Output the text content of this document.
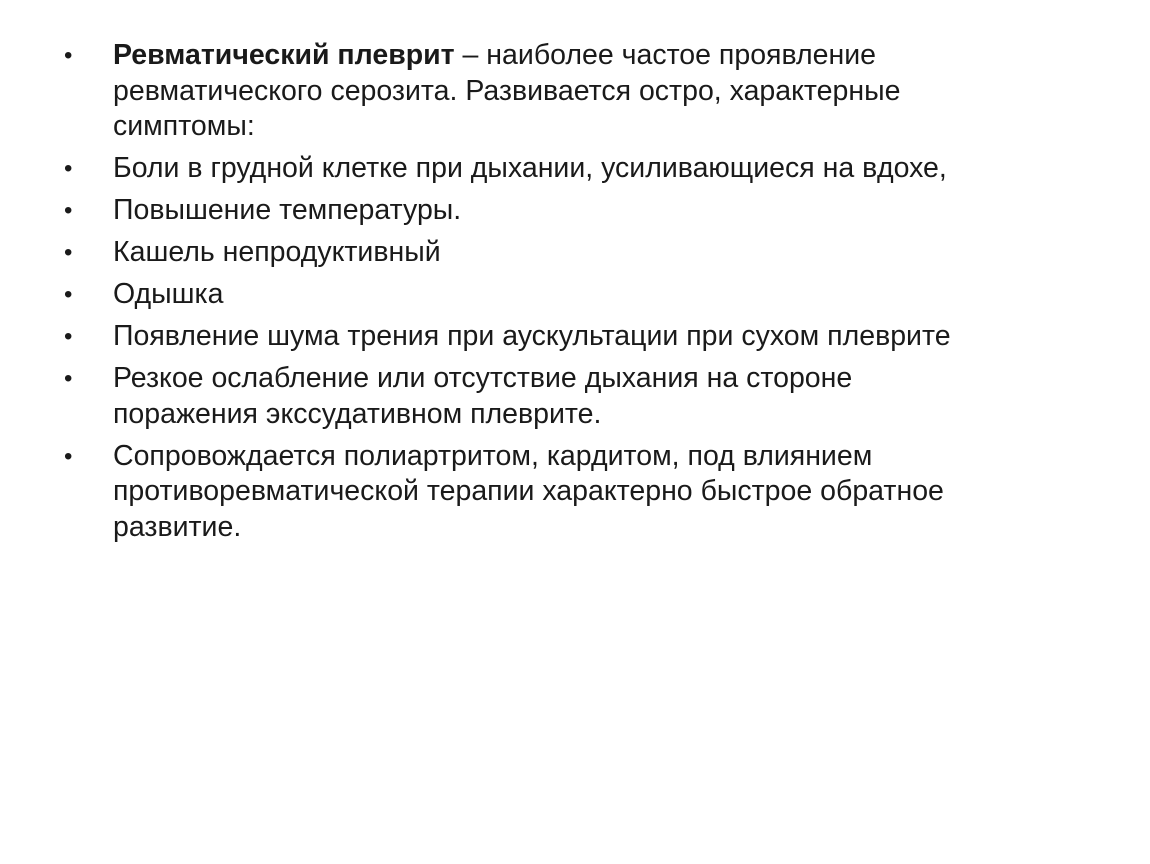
•	Ревматический плеврит – наиболее частое проявление
ревматического серозита. Развивается остро, характерные
симптомы:
•	Боли в грудной клетке при дыхании, усиливающиеся на вдохе,
•	Повышение температуры.
•	Кашель непродуктивный
•	Одышка
•	Появление шума трения при аускультации при сухом плеврите
•	Резкое ослабление или отсутствие дыхания на стороне
поражения экссудативном плеврите.
•	Сопровождается полиартритом, кардитом, под влиянием
противоревматической терапии характерно быстрое обратное
развитие.
